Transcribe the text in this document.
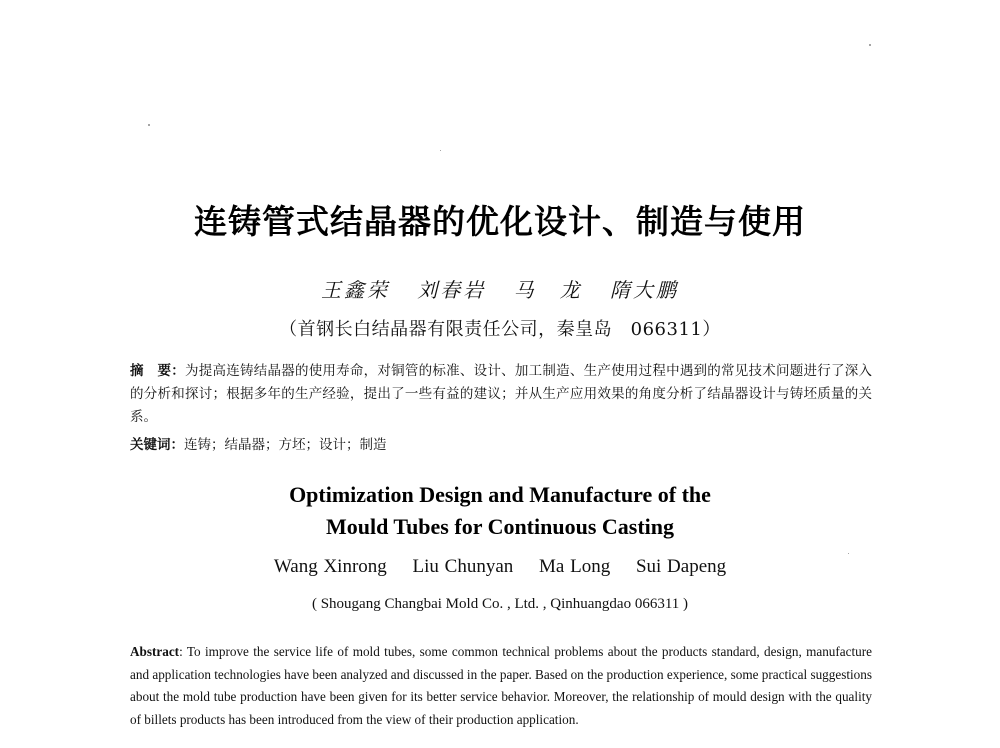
连铸管式结晶器的优化设计、制造与使用
王鑫荣 刘春岩 马　龙 隋大鹏
（首钢长白结晶器有限责任公司，秦皇岛　066311）
摘　要：为提高连铸结晶器的使用寿命，对铜管的标准、设计、加工制造、生产使用过程中遇到的常见技术问题进行了深入的分析和探讨；根据多年的生产经验，提出了一些有益的建议；并从生产应用效果的角度分析了结晶器设计与铸坯质量的关系。
关键词：连铸；结晶器；方坯；设计；制造
Optimization Design and Manufacture of the
Mould Tubes for Continuous Casting
Wang Xinrong Liu Chunyan Ma Long Sui Dapeng
( Shougang Changbai Mold Co. , Ltd. , Qinhuangdao 066311 )
Abstract: To improve the service life of mold tubes, some common technical problems about the products standard, design, manufacture and application technologies have been analyzed and discussed in the paper. Based on the production experience, some practical suggestions about the mold tube production have been given for its better service behavior. Moreover, the relationship of mould design with the quality of billets products has been introduced from the view of their production application.
